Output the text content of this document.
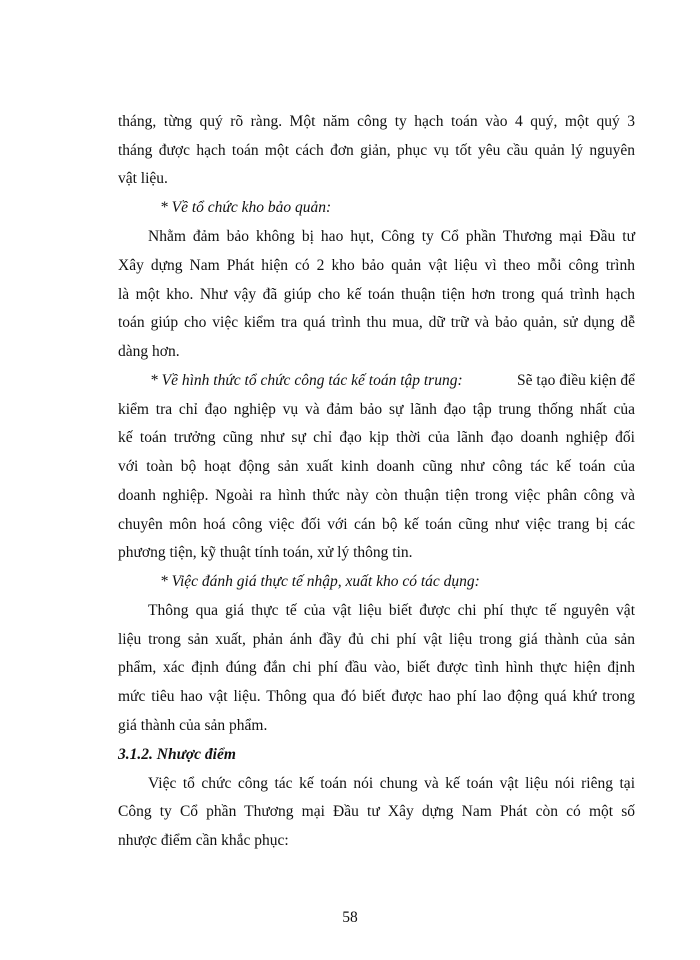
tháng, từng quý rõ ràng. Một năm công ty hạch toán vào 4 quý, một quý 3
tháng được hạch toán một cách đơn giản, phục vụ tốt yêu cầu quản lý nguyên
vật liệu.
* Về tổ chức kho bảo quản:
Nhằm đảm bảo không bị hao hụt, Công ty Cổ phần Thương mại Đầu tư
Xây dựng Nam Phát hiện có 2 kho bảo quản vật liệu vì theo mỗi công trình
là một kho. Như vậy đã giúp cho kế toán thuận tiện hơn trong quá trình hạch
toán giúp cho việc kiểm tra quá trình thu mua, dữ trữ và bảo quản, sử dụng dễ
dàng hơn.
* Về hình thức tổ chức công tác kế toán tập trung:	Sẽ tạo điều kiện để
kiểm tra chỉ đạo nghiệp vụ và đảm bảo sự lãnh đạo tập trung thống nhất của
kế toán trưởng cũng như sự chỉ đạo kịp thời của lãnh đạo doanh nghiệp đối
với toàn bộ hoạt động sản xuất kinh doanh cũng như công tác kế toán của
doanh nghiệp. Ngoài ra hình thức này còn thuận tiện trong việc phân công và
chuyên môn hoá công việc đối với cán bộ kế toán cũng như việc trang bị các
phương tiện, kỹ thuật tính toán, xử lý thông tin.
* Việc đánh giá thực tế nhập, xuất kho có tác dụng:
Thông qua giá thực tế của vật liệu biết được chi phí thực tế nguyên vật
liệu trong sản xuất, phản ánh đầy đủ chi phí vật liệu trong giá thành của sản
phẩm, xác định đúng đắn chi phí đầu vào, biết được tình hình thực hiện định
mức tiêu hao vật liệu. Thông qua đó biết được hao phí lao động quá khứ trong
giá thành của sản phẩm.
3.1.2. Nhược điểm
Việc tổ chức công tác kế toán nói chung và kế toán vật liệu nói riêng tại
Công ty Cổ phần Thương mại Đầu tư Xây dựng Nam Phát còn có một số
nhược điểm cần khắc phục:
58
